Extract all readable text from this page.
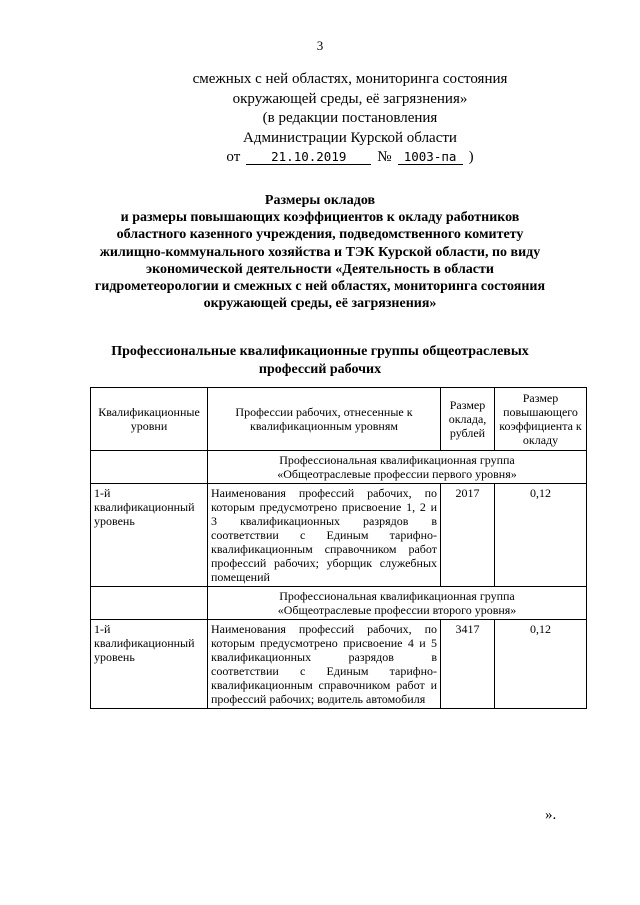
3
смежных с ней областях, мониторинга состояния
окружающей среды, её загрязнения»
(в редакции постановления
Администрации Курской области
от	21.10.2019	№ 1003-па )
Размеры окладов
и размеры повышающих коэффициентов к окладу работников
областного казенного учреждения, подведомственного комитету
жилищно-коммунального хозяйства и ТЭК Курской области, по виду
экономической деятельности «Деятельность в области
гидрометеорологии и смежных с ней областях, мониторинга состояния
окружающей среды, её загрязнения»
Профессиональные квалификационные группы общеотраслевых
профессий рабочих
Квалификационные уровни	Профессии рабочих, отнесенные к квалификационным уровням	Размер оклада, рублей	Размер повышающего коэффициента к окладу

	Профессиональная квалификационная группа
«Общеотраслевые профессии первого уровня»		

1-й квалификационный уровень	Наименования профессий рабочих, по которым предусмотрено присвоение 1, 2 и 3 квалификационных разрядов в соответствии с Единым тарифно-квалификационным справочником работ профессий рабочих; уборщик служебных помещений	2017	0,12

	Профессиональная квалификационная группа
«Общеотраслевые профессии второго уровня»		

1-й квалификационный уровень	Наименования профессий рабочих, по которым предусмотрено присвоение 4 и 5 квалификационных разрядов в соответствии с Единым тарифно-квалификационным справочником работ и профессий рабочих; водитель автомобиля	3417	0,12
».
